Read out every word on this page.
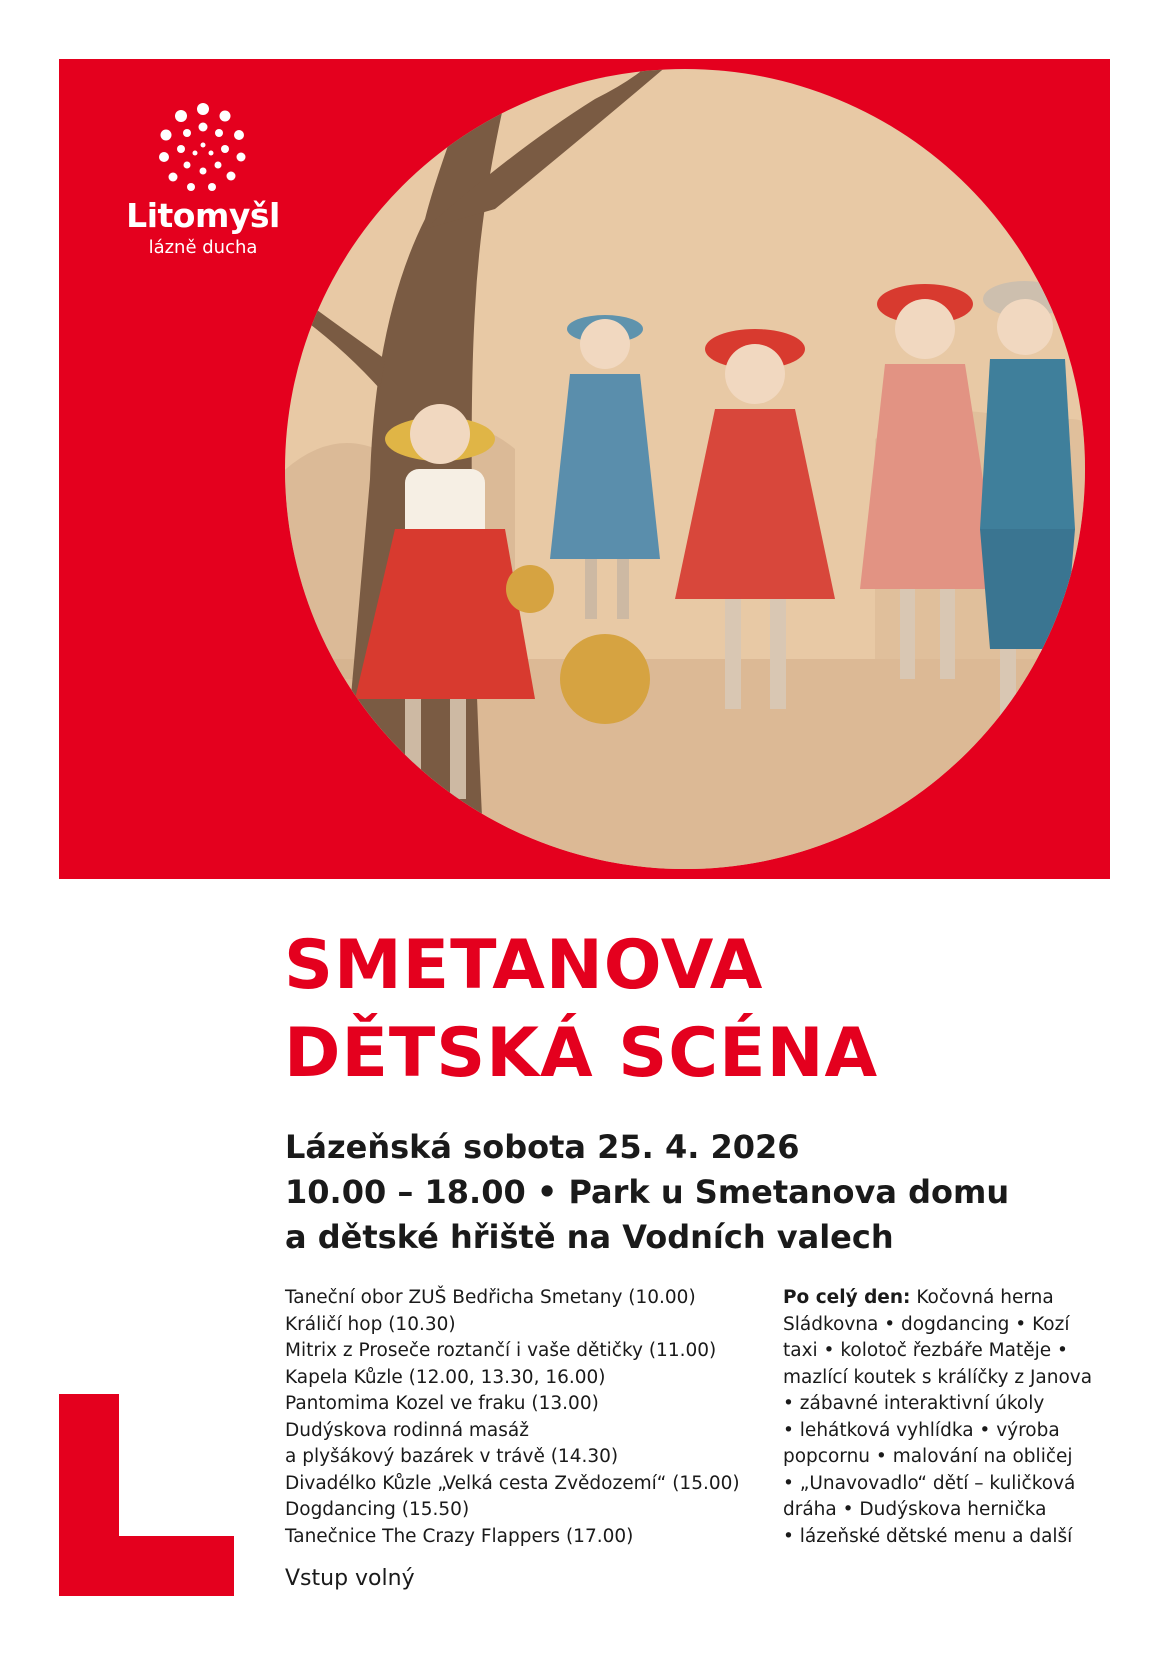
Litomyšl
lázně ducha
SMETANOVA
DĚTSKÁ SCÉNA
Lázeňská sobota 25. 4. 2026
10.00 – 18.00 • Park u Smetanova domu
a dětské hřiště na Vodních valech
Taneční obor ZUŠ Bedřicha Smetany (10.00)
Králičí hop (10.30)
Mitrix z Proseče roztančí i vaše dětičky (11.00)
Kapela Kůzle (12.00, 13.30, 16.00)
Pantomima Kozel ve fraku (13.00)
Dudýskova rodinná masáž
a plyšákový bazárek v trávě (14.30)
Divadélko Kůzle „Velká cesta Zvědozemí“ (15.00)
Dogdancing (15.50)
Tanečnice The Crazy Flappers (17.00)
Po celý den: Kočovná herna
Sládkovna • dogdancing • Kozí
taxi • kolotoč řezbáře Matěje •
mazlící koutek s králíčky z Janova
• zábavné interaktivní úkoly
• lehátková vyhlídka • výroba
popcornu • malování na obličej
• „Unavovadlo“ dětí – kuličková
dráha • Dudýskova hernička
• lázeňské dětské menu a další
Vstup volný
